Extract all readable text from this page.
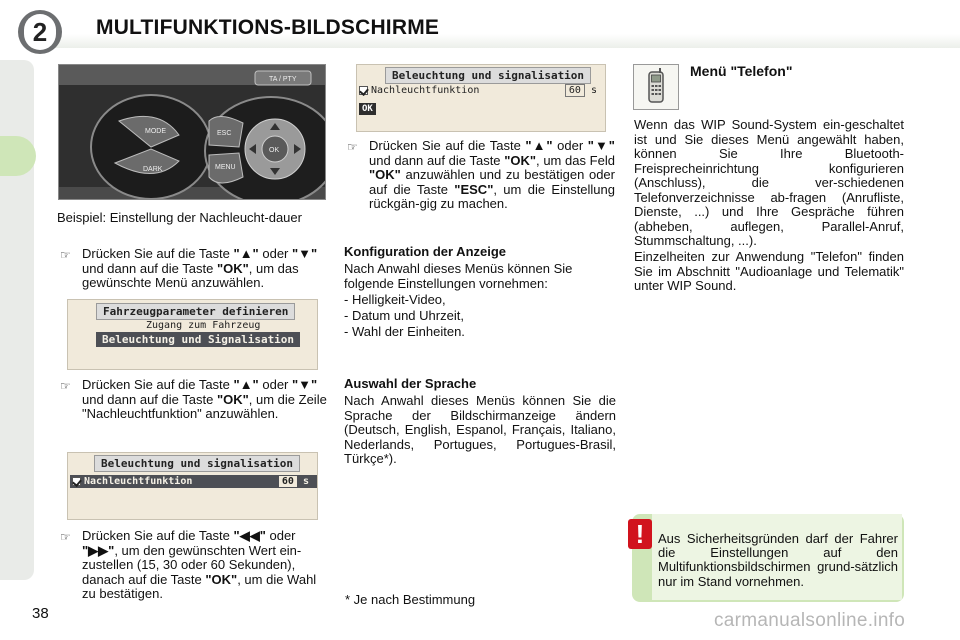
2	MULTIFUNKTIONS-BILDSCHIRME
MODE
DARK
OK
ESC
MENU
TA / PTY
Beispiel: Einstellung der Nachleucht-dauer
☞ Drücken Sie auf die Taste "▲" oder "▼" und dann auf die Taste "OK", um das gewünschte Menü anzuwählen.
Fahrzeugparameter definieren
Zugang zum Fahrzeug
Beleuchtung und Signalisation
☞ Drücken Sie auf die Taste "▲" oder "▼" und dann auf die Taste "OK", um die Zeile "Nachleuchtfunktion" anzuwählen.
Beleuchtung und signalisation
Nachleuchtfunktion	60 s
☞ Drücken Sie auf die Taste "◀◀" oder "▶▶", um den gewünschten Wert ein-zustellen (15, 30 oder 60 Sekunden), danach auf die Taste "OK", um die Wahl zu bestätigen.
Beleuchtung und signalisation
Nachleuchtfunktion	60 s
OK
☞ Drücken Sie auf die Taste "▲" oder "▼" und dann auf die Taste "OK", um das Feld "OK" anzuwählen und zu bestätigen oder auf die Taste "ESC", um die Einstellung rückgän-gig zu machen.
Konfiguration der Anzeige
Nach Anwahl dieses Menüs können Sie folgende Einstellungen vornehmen:
- Helligkeit-Video,
- Datum und Uhrzeit,
- Wahl der Einheiten.
Auswahl der Sprache
Nach Anwahl dieses Menüs können Sie die Sprache der Bildschirmanzeige ändern (Deutsch, English, Espanol, Français, Italiano, Nederlands, Portugues, Portugues-Brasil, Türkçe*).
* Je nach Bestimmung
Menü "Telefon"
Wenn das WIP Sound-System ein-geschaltet ist und Sie dieses Menü angewählt haben, können Sie Ihre Bluetooth-Freisprecheinrichtung konfigurieren (Anschluss), die ver-schiedenen Telefonverzeichnisse ab-fragen (Anrufliste, Dienste, ...) und Ihre Gespräche führen (abheben, auflegen, Parallel-Anruf, Stummschaltung, ...).
Einzelheiten zur Anwendung "Telefon" finden Sie im Abschnitt "Audioanlage und Telematik" unter WIP Sound.
!	Aus Sicherheitsgründen darf der Fahrer die Einstellungen auf den Multifunktionsbildschirmen grund-sätzlich nur im Stand vornehmen.
38	carmanualsonline.info
